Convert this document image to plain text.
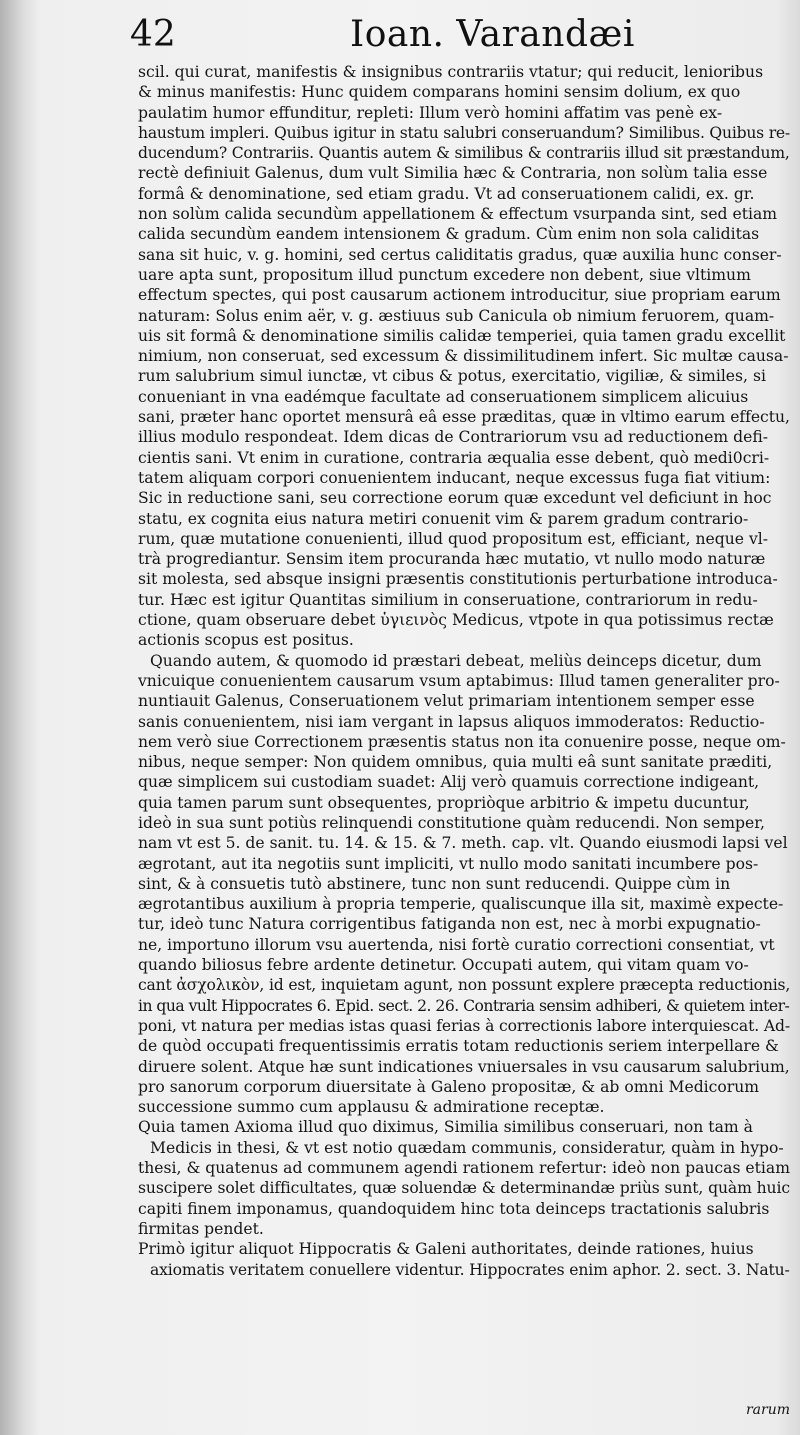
42	Ioan. Varandæi
scil. qui curat, manifestis & insignibus contrariis vtatur; qui reducit, lenioribus
& minus manifestis: Hunc quidem comparans homini sensim dolium, ex quo
paulatim humor effunditur, repleti: Illum verò homini affatim vas penè ex-
haustum impleri. Quibus igitur in statu salubri conseruandum? Similibus. Quibus re-
ducendum? Contrariis. Quantis autem & similibus & contrariis illud sit præstandum,
rectè definiuit Galenus, dum vult Similia hæc & Contraria, non solùm talia esse
formâ & denominatione, sed etiam gradu. Vt ad conseruationem calidi, ex. gr.
non solùm calida secundùm appellationem & effectum vsurpanda sint, sed etiam
calida secundùm eandem intensionem & gradum. Cùm enim non sola caliditas
sana sit huic, v. g. homini, sed certus caliditatis gradus, quæ auxilia hunc conser-
uare apta sunt, propositum illud punctum excedere non debent, siue vltimum
effectum spectes, qui post causarum actionem introducitur, siue propriam earum
naturam: Solus enim aër, v. g. æstiuus sub Canicula ob nimium feruorem, quam-
uis sit formâ & denominatione similis calidæ temperiei, quia tamen gradu excellit
nimium, non conseruat, sed excessum & dissimilitudinem infert. Sic multæ causa-
rum salubrium simul iunctæ, vt cibus & potus, exercitatio, vigiliæ, & similes, si
conueniant in vna eadémque facultate ad conseruationem simplicem alicuius
sani, præter hanc oportet mensurâ eâ esse præditas, quæ in vltimo earum effectu,
illius modulo respondeat. Idem dicas de Contrariorum vsu ad reductionem defi-
cientis sani. Vt enim in curatione, contraria æqualia esse debent, quò medi0cri-
tatem aliquam corpori conuenientem inducant, neque excessus fuga fiat vitium:
Sic in reductione sani, seu correctione eorum quæ excedunt vel deficiunt in hoc
statu, ex cognita eius natura metiri conuenit vim & parem gradum contrario-
rum, quæ mutatione conuenienti, illud quod propositum est, efficiant, neque vl-
trà progrediantur. Sensim item procuranda hæc mutatio, vt nullo modo naturæ
sit molesta, sed absque insigni præsentis constitutionis perturbatione introduca-
tur. Hæc est igitur Quantitas similium in conseruatione, contrariorum in redu-
ctione, quam obseruare debet ὑγιεινὸς Medicus, vtpote in qua potissimus rectæ
actionis scopus est positus.
Quando autem, & quomodo id præstari debeat, meliùs deinceps dicetur, dum
vnicuique conuenientem causarum vsum aptabimus: Illud tamen generaliter pro-
nuntiauit Galenus, Conseruationem velut primariam intentionem semper esse
sanis conuenientem, nisi iam vergant in lapsus aliquos immoderatos: Reductio-
nem verò siue Correctionem præsentis status non ita conuenire posse, neque om-
nibus, neque semper: Non quidem omnibus, quia multi eâ sunt sanitate præditi,
quæ simplicem sui custodiam suadet: Alij verò quamuis correctione indigeant,
quia tamen parum sunt obsequentes, propriòque arbitrio & impetu ducuntur,
ideò in sua sunt potiùs relinquendi constitutione quàm reducendi. Non semper,
nam vt est 5. de sanit. tu. 14. & 15. & 7. meth. cap. vlt. Quando eiusmodi lapsi vel
ægrotant, aut ita negotiis sunt impliciti, vt nullo modo sanitati incumbere pos-
sint, & à consuetis tutò abstinere, tunc non sunt reducendi. Quippe cùm in
ægrotantibus auxilium à propria temperie, qualiscunque illa sit, maximè expecte-
tur, ideò tunc Natura corrigentibus fatiganda non est, nec à morbi expugnatio-
ne, importuno illorum vsu auertenda, nisi fortè curatio correctioni consentiat, vt
quando biliosus febre ardente detinetur. Occupati autem, qui vitam quam vo-
cant ἀσχολικὸν, id est, inquietam agunt, non possunt explere præcepta reductionis,
in qua vult Hippocrates 6. Epid. sect. 2. 26. Contraria sensim adhiberi, & quietem inter-
poni, vt natura per medias istas quasi ferias à correctionis labore interquiescat. Ad-
de quòd occupati frequentissimis erratis totam reductionis seriem interpellare &
diruere solent. Atque hæ sunt indicationes vniuersales in vsu causarum salubrium,
pro sanorum corporum diuersitate à Galeno propositæ, & ab omni Medicorum
successione summo cum applausu & admiratione receptæ.
Quia tamen Axioma illud quo diximus, Similia similibus conseruari, non tam à
Medicis in thesi, & vt est notio quædam communis, consideratur, quàm in hypo-
thesi, & quatenus ad communem agendi rationem refertur: ideò non paucas etiam
suscipere solet difficultates, quæ soluendæ & determinandæ priùs sunt, quàm huic
capiti finem imponamus, quandoquidem hinc tota deinceps tractationis salubris
firmitas pendet.
Primò igitur aliquot Hippocratis & Galeni authoritates, deinde rationes, huius
axiomatis veritatem conuellere videntur. Hippocrates enim aphor. 2. sect. 3. Natu-
rarum
